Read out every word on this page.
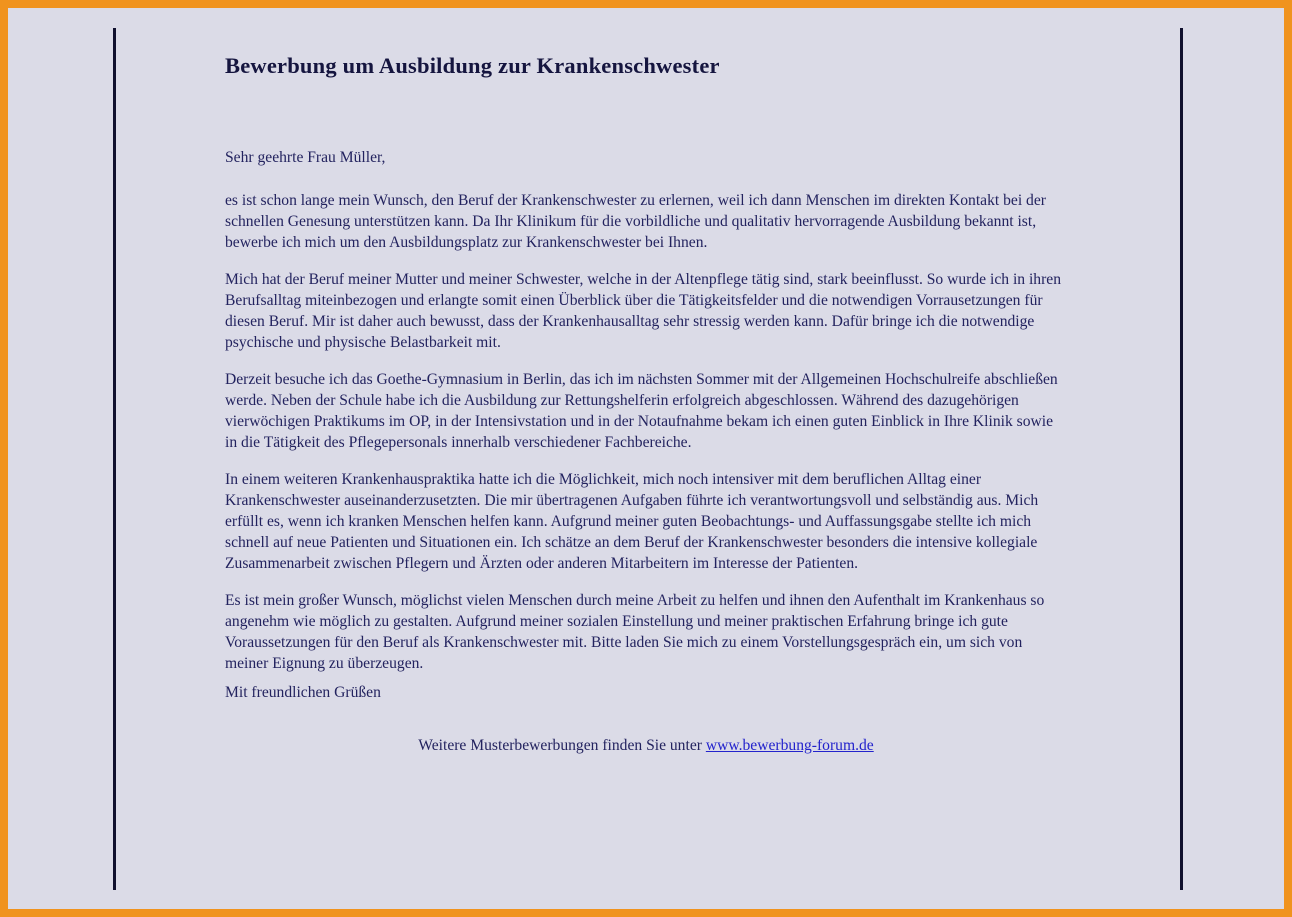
Bewerbung um Ausbildung zur Krankenschwester

Sehr geehrte Frau Müller,

es ist schon lange mein Wunsch, den Beruf der Krankenschwester zu erlernen, weil ich dann Menschen im direkten Kontakt bei der schnellen Genesung unterstützen kann. Da Ihr Klinikum für die vorbildliche und qualitativ hervorragende Ausbildung bekannt ist, bewerbe ich mich um den Ausbildungsplatz zur Krankenschwester bei Ihnen.

Mich hat der Beruf meiner Mutter und meiner Schwester, welche in der Altenpflege tätig sind, stark beeinflusst. So wurde ich in ihren Berufsalltag miteinbezogen und erlangte somit einen Überblick über die Tätigkeitsfelder und die notwendigen Vorrausetzungen für diesen Beruf. Mir ist daher auch bewusst, dass der Krankenhausalltag sehr stressig werden kann. Dafür bringe ich die notwendige psychische und physische Belastbarkeit mit.

Derzeit besuche ich das Goethe-Gymnasium in Berlin, das ich im nächsten Sommer mit der Allgemeinen Hochschulreife abschließen werde. Neben der Schule habe ich die Ausbildung zur Rettungshelferin erfolgreich abgeschlossen. Während des dazugehörigen vierwöchigen Praktikums im OP, in der Intensivstation und in der Notaufnahme bekam ich einen guten Einblick in Ihre Klinik sowie in die Tätigkeit des Pflegepersonals innerhalb verschiedener Fachbereiche.

In einem weiteren Krankenhauspraktika hatte ich die Möglichkeit, mich noch intensiver mit dem beruflichen Alltag einer Krankenschwester auseinanderzusetzten. Die mir übertragenen Aufgaben führte ich verantwortungsvoll und selbständig aus. Mich erfüllt es, wenn ich kranken Menschen helfen kann. Aufgrund meiner guten Beobachtungs- und Auffassungsgabe stellte ich mich schnell auf neue Patienten und Situationen ein. Ich schätze an dem Beruf der Krankenschwester besonders die intensive kollegiale Zusammenarbeit zwischen Pflegern und Ärzten oder anderen Mitarbeitern im Interesse der Patienten.

Es ist mein großer Wunsch, möglichst vielen Menschen durch meine Arbeit zu helfen und ihnen den Aufenthalt im Krankenhaus so angenehm wie möglich zu gestalten. Aufgrund meiner sozialen Einstellung und meiner praktischen Erfahrung bringe ich gute Voraussetzungen für den Beruf als Krankenschwester mit. Bitte laden Sie mich zu einem Vorstellungsgespräch ein, um sich von meiner Eignung zu überzeugen.

Mit freundlichen Grüßen

Weitere Musterbewerbungen finden Sie unter www.bewerbung-forum.de
